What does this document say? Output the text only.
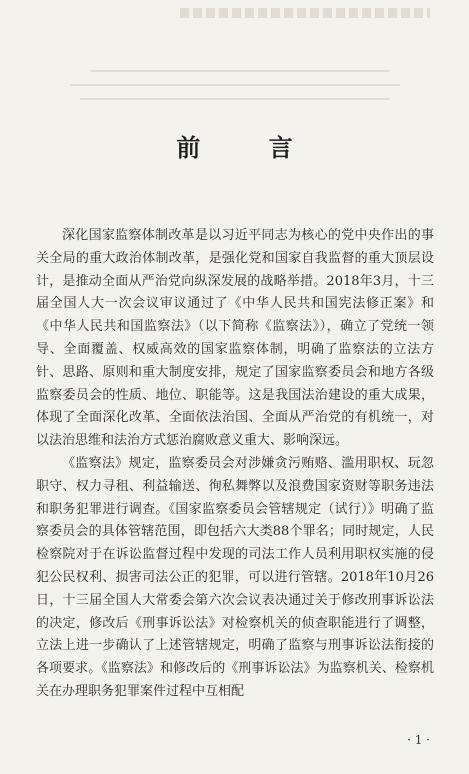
前 言

深化国家监察体制改革是以习近平同志为核心的党中央作出的事关全局的重大政治体制改革，是强化党和国家自我监督的重大顶层设计，是推动全面从严治党向纵深发展的战略举措。2018年3月，十三届全国人大一次会议审议通过了《中华人民共和国宪法修正案》和《中华人民共和国监察法》（以下简称《监察法》），确立了党统一领导、全面覆盖、权威高效的国家监察体制，明确了监察法的立法方针、思路、原则和重大制度安排，规定了国家监察委员会和地方各级监察委员会的性质、地位、职能等。这是我国法治建设的重大成果，体现了全面深化改革、全面依法治国、全面从严治党的有机统一，对以法治思维和法治方式惩治腐败意义重大、影响深远。

《监察法》规定，监察委员会对涉嫌贪污贿赂、滥用职权、玩忽职守、权力寻租、利益输送、徇私舞弊以及浪费国家资财等职务违法和职务犯罪进行调查。《国家监察委员会管辖规定（试行）》明确了监察委员会的具体管辖范围，即包括六大类88个罪名；同时规定，人民检察院对于在诉讼监督过程中发现的司法工作人员利用职权实施的侵犯公民权利、损害司法公正的犯罪，可以进行管辖。2018年10月26日，十三届全国人大常委会第六次会议表决通过关于修改刑事诉讼法的决定，修改后《刑事诉讼法》对检察机关的侦查职能进行了调整，立法上进一步确认了上述管辖规定，明确了监察与刑事诉讼法衔接的各项要求。《监察法》和修改后的《刑事诉讼法》为监察机关、检察机关在办理职务犯罪案件过程中互相配

· 1 ·
